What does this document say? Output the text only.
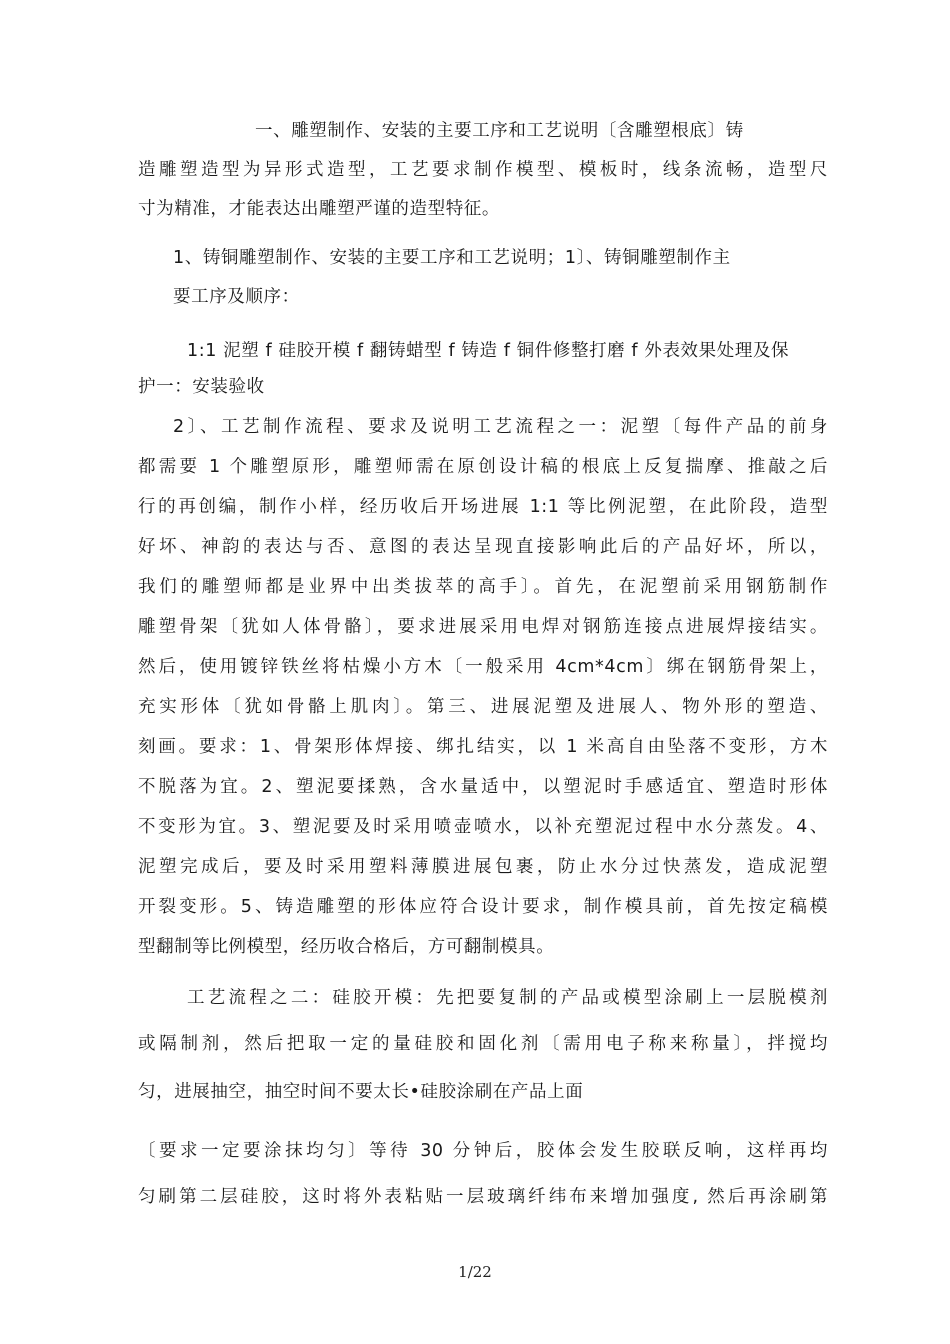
一、雕塑制作、安装的主要工序和工艺说明〔含雕塑根底〕铸
造雕塑造型为异形式造型，工艺要求制作模型、模板时，线条流畅，造型尺
寸为精准，才能表达出雕塑严谨的造型特征。
1、铸铜雕塑制作、安装的主要工序和工艺说明；1〕、铸铜雕塑制作主
要工序及顺序：
1:1 泥塑 f 硅胶开模 f 翻铸蜡型 f 铸造 f 铜件修整打磨 f 外表效果处理及保
护一：安装验收
2〕、工艺制作流程、要求及说明工艺流程之一：泥塑〔每件产品的前身
都需要 1 个雕塑原形，雕塑师需在原创设计稿的根底上反复揣摩、推敲之后
行的再创编，制作小样，经历收后开场进展 1:1 等比例泥塑，在此阶段，造型
好坏、神韵的表达与否、意图的表达呈现直接影响此后的产品好坏，所以，
我们的雕塑师都是业界中出类拔萃的高手〕。首先，在泥塑前采用钢筋制作
雕塑骨架〔犹如人体骨骼〕，要求进展采用电焊对钢筋连接点进展焊接结实。
然后，使用镀锌铁丝将枯燥小方木〔一般采用 4cm*4cm〕绑在钢筋骨架上，
充实形体〔犹如骨骼上肌肉〕。第三、进展泥塑及进展人、物外形的塑造、
刻画。要求：1、骨架形体焊接、绑扎结实，以 1 米高自由坠落不变形，方木
不脱落为宜。2、塑泥要揉熟，含水量适中，以塑泥时手感适宜、塑造时形体
不变形为宜。3、塑泥要及时采用喷壶喷水，以补充塑泥过程中水分蒸发。4、
泥塑完成后，要及时采用塑料薄膜进展包裹，防止水分过快蒸发，造成泥塑
开裂变形。5、铸造雕塑的形体应符合设计要求，制作模具前，首先按定稿模
型翻制等比例模型，经历收合格后，方可翻制模具。
工艺流程之二：硅胶开模：先把要复制的产品或模型涂刷上一层脱模剂
或隔制剂，然后把取一定的量硅胶和固化剂〔需用电子称来称量〕，拌搅均
匀，进展抽空，抽空时间不要太长•硅胶涂刷在产品上面
〔要求一定要涂抹均匀〕等待 30 分钟后，胶体会发生胶联反响，这样再均
匀刷第二层硅胶，这时将外表粘贴一层玻璃纤纬布来增加强度, 然后再涂刷第
1/22
